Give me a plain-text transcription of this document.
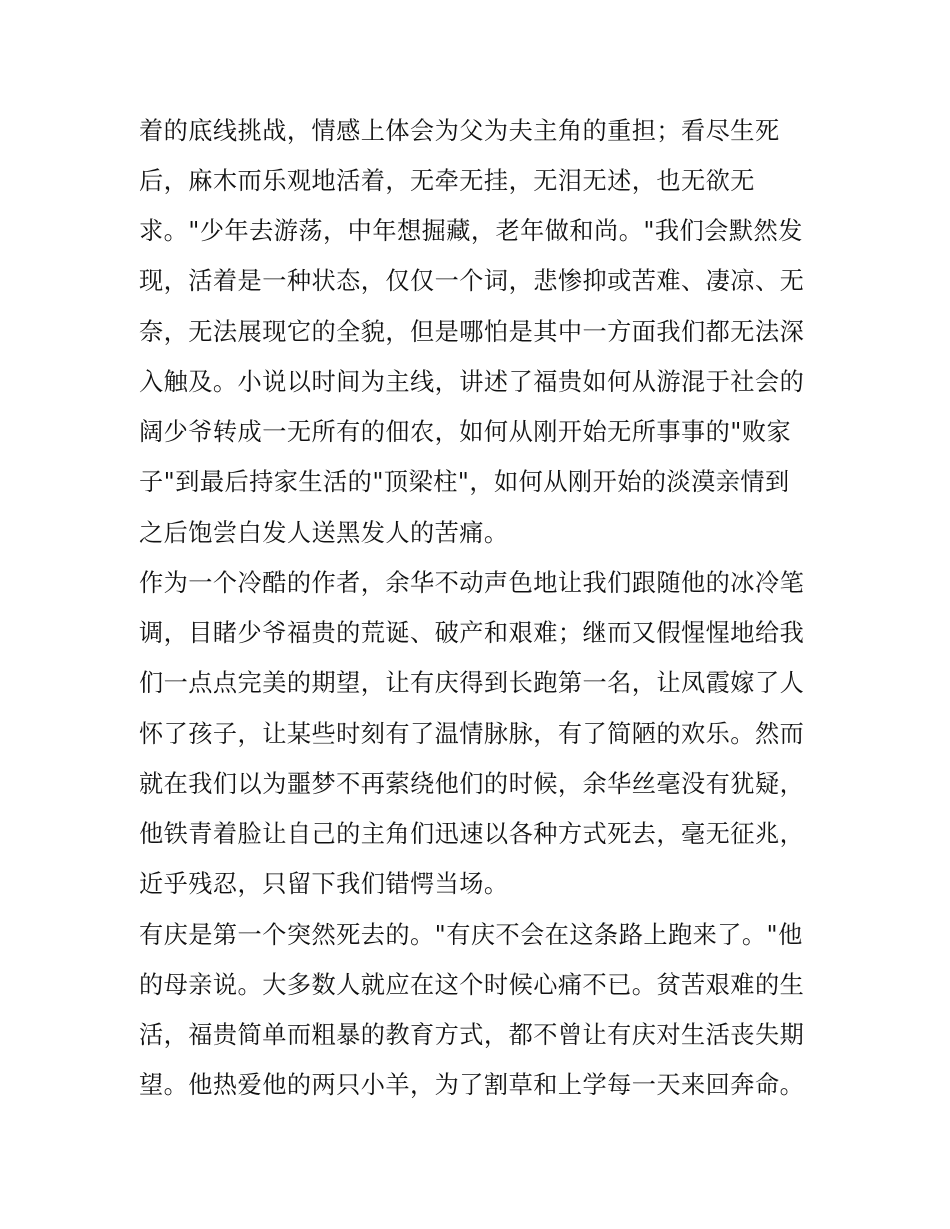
着的底线挑战，情感上体会为父为夫主角的重担；看尽生死
后，麻木而乐观地活着，无牵无挂，无泪无述，也无欲无
求。"少年去游荡，中年想掘藏，老年做和尚。"我们会默然发
现，活着是一种状态，仅仅一个词，悲惨抑或苦难、凄凉、无
奈，无法展现它的全貌，但是哪怕是其中一方面我们都无法深
入触及。小说以时间为主线，讲述了福贵如何从游混于社会的
阔少爷转成一无所有的佃农，如何从刚开始无所事事的"败家
子"到最后持家生活的"顶梁柱"，如何从刚开始的淡漠亲情到
之后饱尝白发人送黑发人的苦痛。
作为一个冷酷的作者，余华不动声色地让我们跟随他的冰冷笔
调，目睹少爷福贵的荒诞、破产和艰难；继而又假惺惺地给我
们一点点完美的期望，让有庆得到长跑第一名，让凤霞嫁了人
怀了孩子，让某些时刻有了温情脉脉，有了简陋的欢乐。然而
就在我们以为噩梦不再萦绕他们的时候，余华丝毫没有犹疑，
他铁青着脸让自己的主角们迅速以各种方式死去，毫无征兆，
近乎残忍，只留下我们错愕当场。
有庆是第一个突然死去的。"有庆不会在这条路上跑来了。"他
的母亲说。大多数人就应在这个时候心痛不已。贫苦艰难的生
活，福贵简单而粗暴的教育方式，都不曾让有庆对生活丧失期
望。他热爱他的两只小羊，为了割草和上学每一天来回奔命。
